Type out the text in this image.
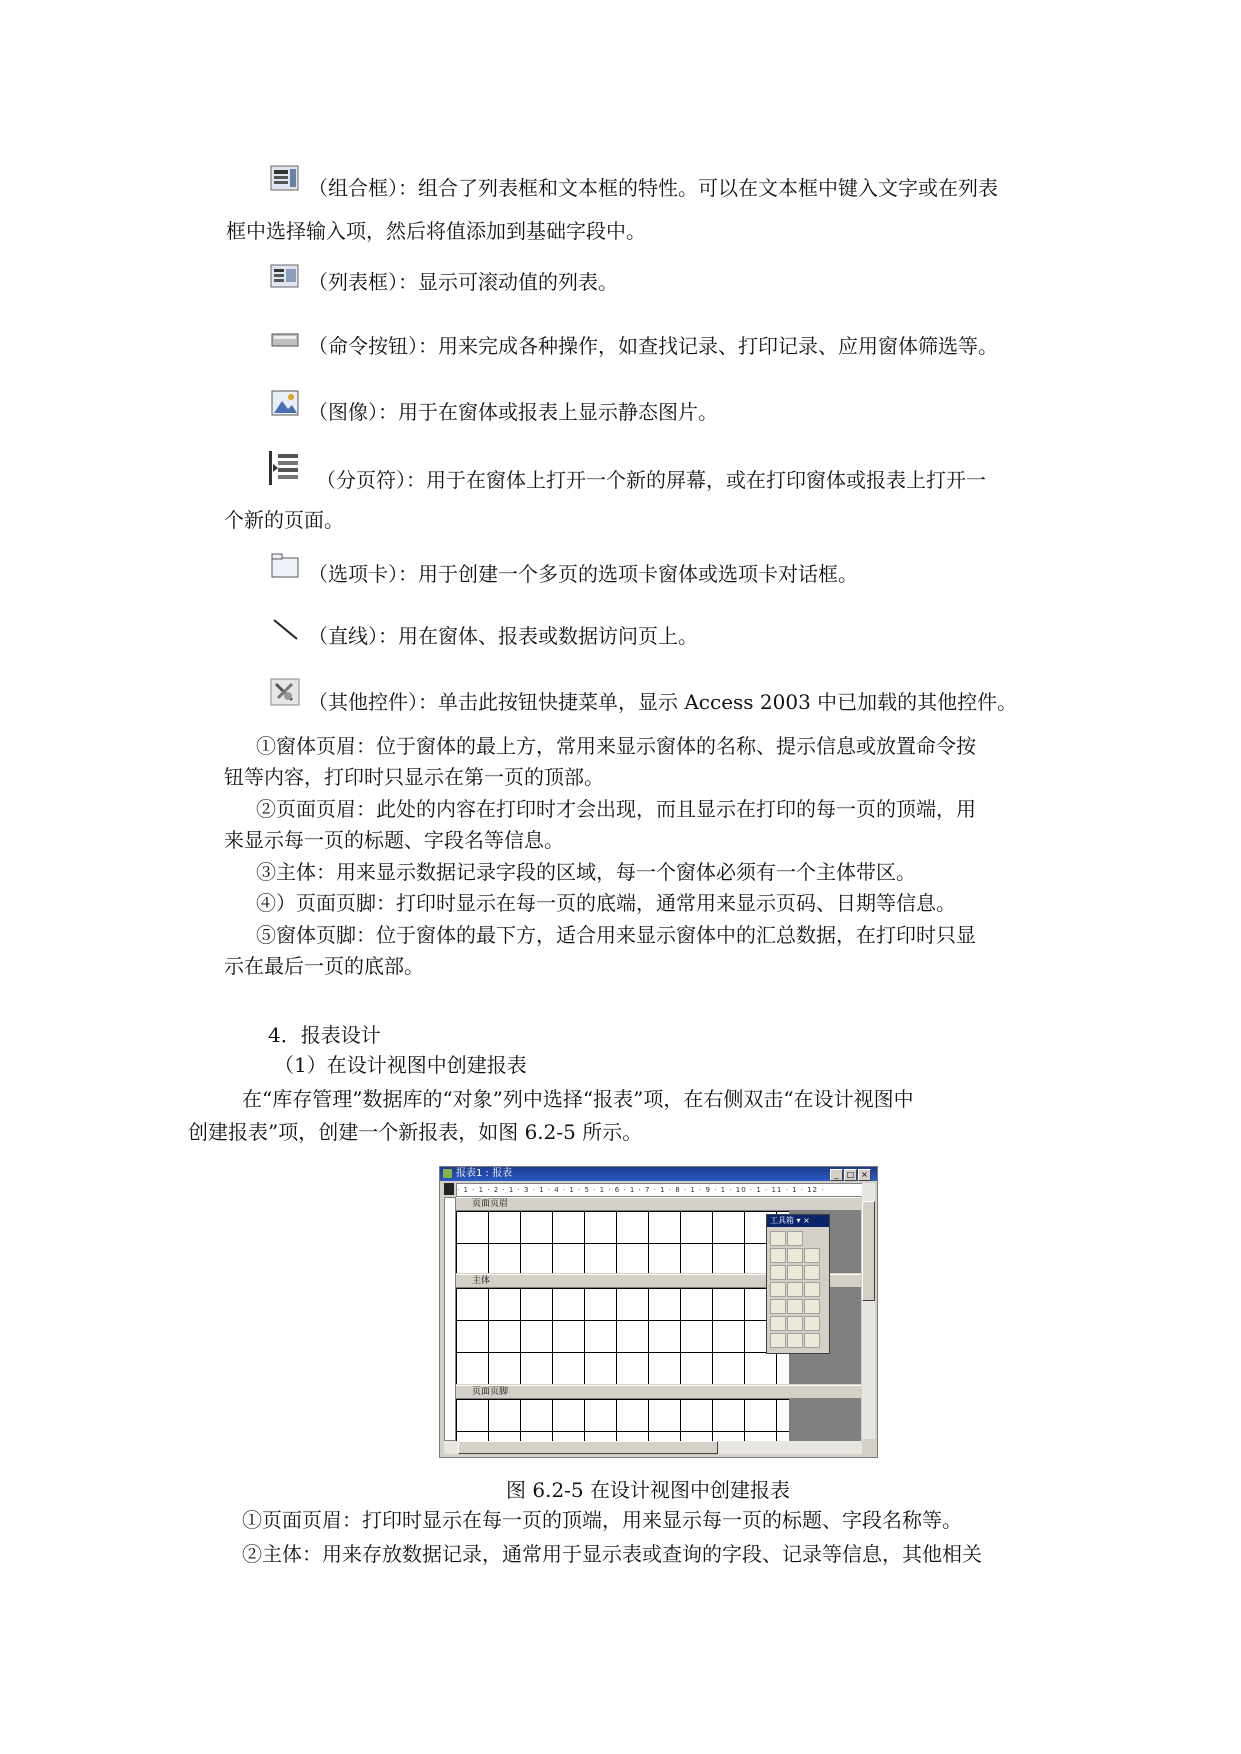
（组合框）：组合了列表框和文本框的特性。可以在文本框中键入文字或在列表
框中选择输入项，然后将值添加到基础字段中。
（列表框）：显示可滚动值的列表。
（命令按钮）：用来完成各种操作，如查找记录、打印记录、应用窗体筛选等。
（图像）：用于在窗体或报表上显示静态图片。
（分页符）：用于在窗体上打开一个新的屏幕，或在打印窗体或报表上打开一
个新的页面。
（选项卡）：用于创建一个多页的选项卡窗体或选项卡对话框。
（直线）：用在窗体、报表或数据访问页上。
（其他控件）：单击此按钮快捷菜单，显示 Access 2003 中已加载的其他控件。
①窗体页眉：位于窗体的最上方，常用来显示窗体的名称、提示信息或放置命令按
钮等内容，打印时只显示在第一页的顶部。
②页面页眉：此处的内容在打印时才会出现，而且显示在打印的每一页的顶端，用
来显示每一页的标题、字段名等信息。
③主体：用来显示数据记录字段的区域，每一个窗体必须有一个主体带区。
④）页面页脚：打印时显示在每一页的底端，通常用来显示页码、日期等信息。
⑤窗体页脚：位于窗体的最下方，适合用来显示窗体中的汇总数据，在打印时只显
示在最后一页的底部。
4．报表设计
（1）在设计视图中创建报表
在“库存管理”数据库的“对象”列中选择“报表”项，在右侧双击“在设计视图中
创建报表”项，创建一个新报表，如图 6.2-5 所示。
报表1 : 报表	_	□ ×
· 1 · 1 · 2 · 1 · 3 · 1 · 4 · 1 · 5 · 1 · 6 · 1 · 7 · 1 · 8 · 1 · 9 · 1 · 10 · 1 · 11 · 1 · 12 ·
页面页眉
主体
页面页脚
工具箱 ▾ ×
图 6.2-5 在设计视图中创建报表
①页面页眉：打印时显示在每一页的顶端，用来显示每一页的标题、字段名称等。
②主体：用来存放数据记录，通常用于显示表或查询的字段、记录等信息，其他相关
